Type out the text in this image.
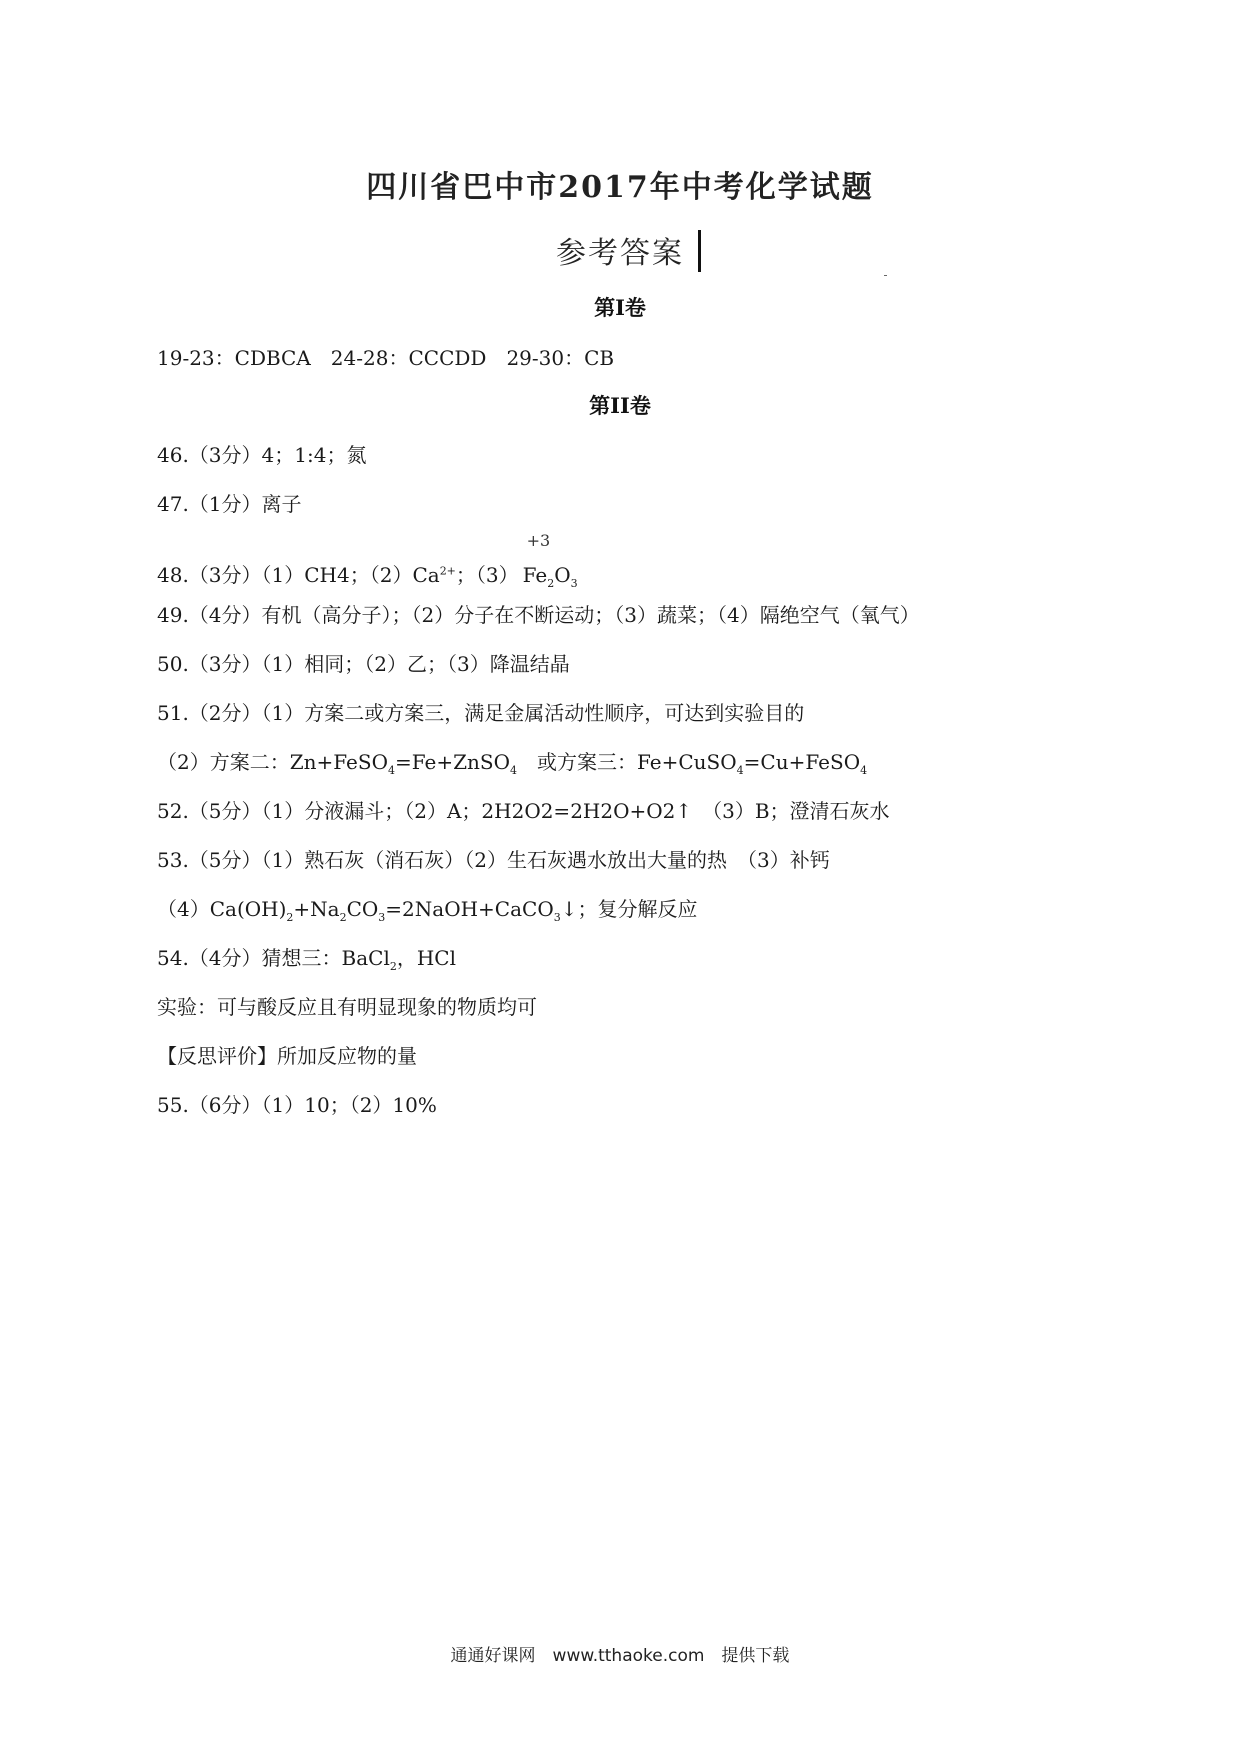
四川省巴中市2017年中考化学试题
参考答案
第Ⅰ卷
19-23：CDBCA　24-28：CCCDD　29-30：CB
第II卷
46.（3分）4；1:4；氮
47.（1分）离子
48.（3分）（1）CH4；$(2)Ca^{2+}$；（3）
+3
$Fe_2O_3$
49.（4分）有机（高分子）；（2）分子在不断运动；（3）蔬菜；（4）隔绝空气（氧气）
50.（3分）（1）相同；（2）乙；（3）降温结晶
51.（2分）（1）方案二或方案三，满足金属活动性顺序，可达到实验目的
（2）方案二：Zn+FeSO$_4$=Fe+ZnSO$_4$　或方案三：Fe+CuSO$_4$=Cu+FeSO$_4$
52.（5分）（1）分液漏斗；（2）A；2H2O2=2H2O+O2↑　（3）B；澄清石灰水
53.（5分）（1）熟石灰（消石灰）（2）生石灰遇水放出大量的热　（3）补钙
$(4)Ca(OH)_2+Na_2CO_3=2NaOH+CaCO_3↓$；复分解反应
54.（4分）猜想三：BaCl$_2$，HCl
实验：可与酸反应且有明显现象的物质均可
【反思评价】所加反应物的量
55.（6分）（1）10；（2）10%
通通好课网　www.tthaoke.com　提供下载
